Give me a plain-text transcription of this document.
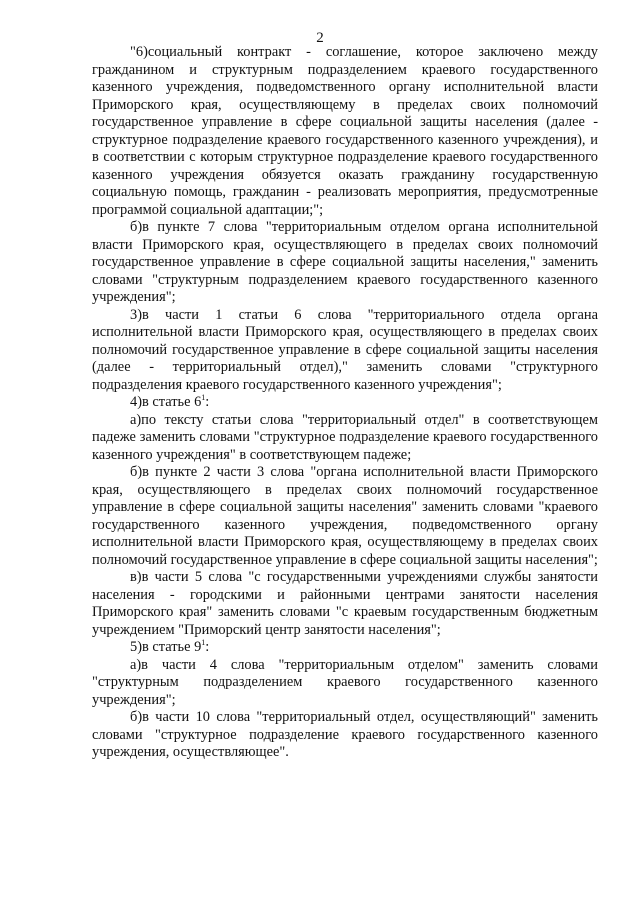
2

"6)социальный контракт - соглашение, которое заключено между гражданином и структурным подразделением краевого государственного казенного учреждения, подведомственного органу исполнительной власти Приморского края, осуществляющему в пределах своих полномочий государственное управление в сфере социальной защиты населения (далее - структурное подразделение краевого государственного казенного учреждения), и в соответствии с которым структурное подразделение краевого государственного казенного учреждения обязуется оказать гражданину государственную социальную помощь, гражданин - реализовать мероприятия, предусмотренные программой социальной адаптации;";

б)в пункте 7 слова "территориальным отделом органа исполнительной власти Приморского края, осуществляющего в пределах своих полномочий государственное управление в сфере социальной защиты населения," заменить словами "структурным подразделением краевого государственного казенного учреждения";

3)в части 1 статьи 6 слова "территориального отдела органа исполнительной власти Приморского края, осуществляющего в пределах своих полномочий государственное управление в сфере социальной защиты населения (далее - территориальный отдел)," заменить словами "структурного подразделения краевого государственного казенного учреждения";

4)в статье $6^1$:

а)по тексту статьи слова "территориальный отдел" в соответствующем падеже заменить словами "структурное подразделение краевого государственного казенного учреждения" в соответствующем падеже;

б)в пункте 2 части 3 слова "органа исполнительной власти Приморского края, осуществляющего в пределах своих полномочий государственное управление в сфере социальной защиты населения" заменить словами "краевого государственного казенного учреждения, подведомственного органу исполнительной власти Приморского края, осуществляющему в пределах своих полномочий государственное управление в сфере социальной защиты населения";

в)в части 5 слова "с государственными учреждениями службы занятости населения - городскими и районными центрами занятости населения Приморского края" заменить словами "с краевым государственным бюджетным учреждением "Приморский центр занятости населения";

5)в статье $9^1$:

а)в части 4 слова "территориальным отделом" заменить словами "структурным подразделением краевого государственного казенного учреждения";

б)в части 10 слова "территориальный отдел, осуществляющий" заменить словами "структурное подразделение краевого государственного казенного учреждения, осуществляющее".
